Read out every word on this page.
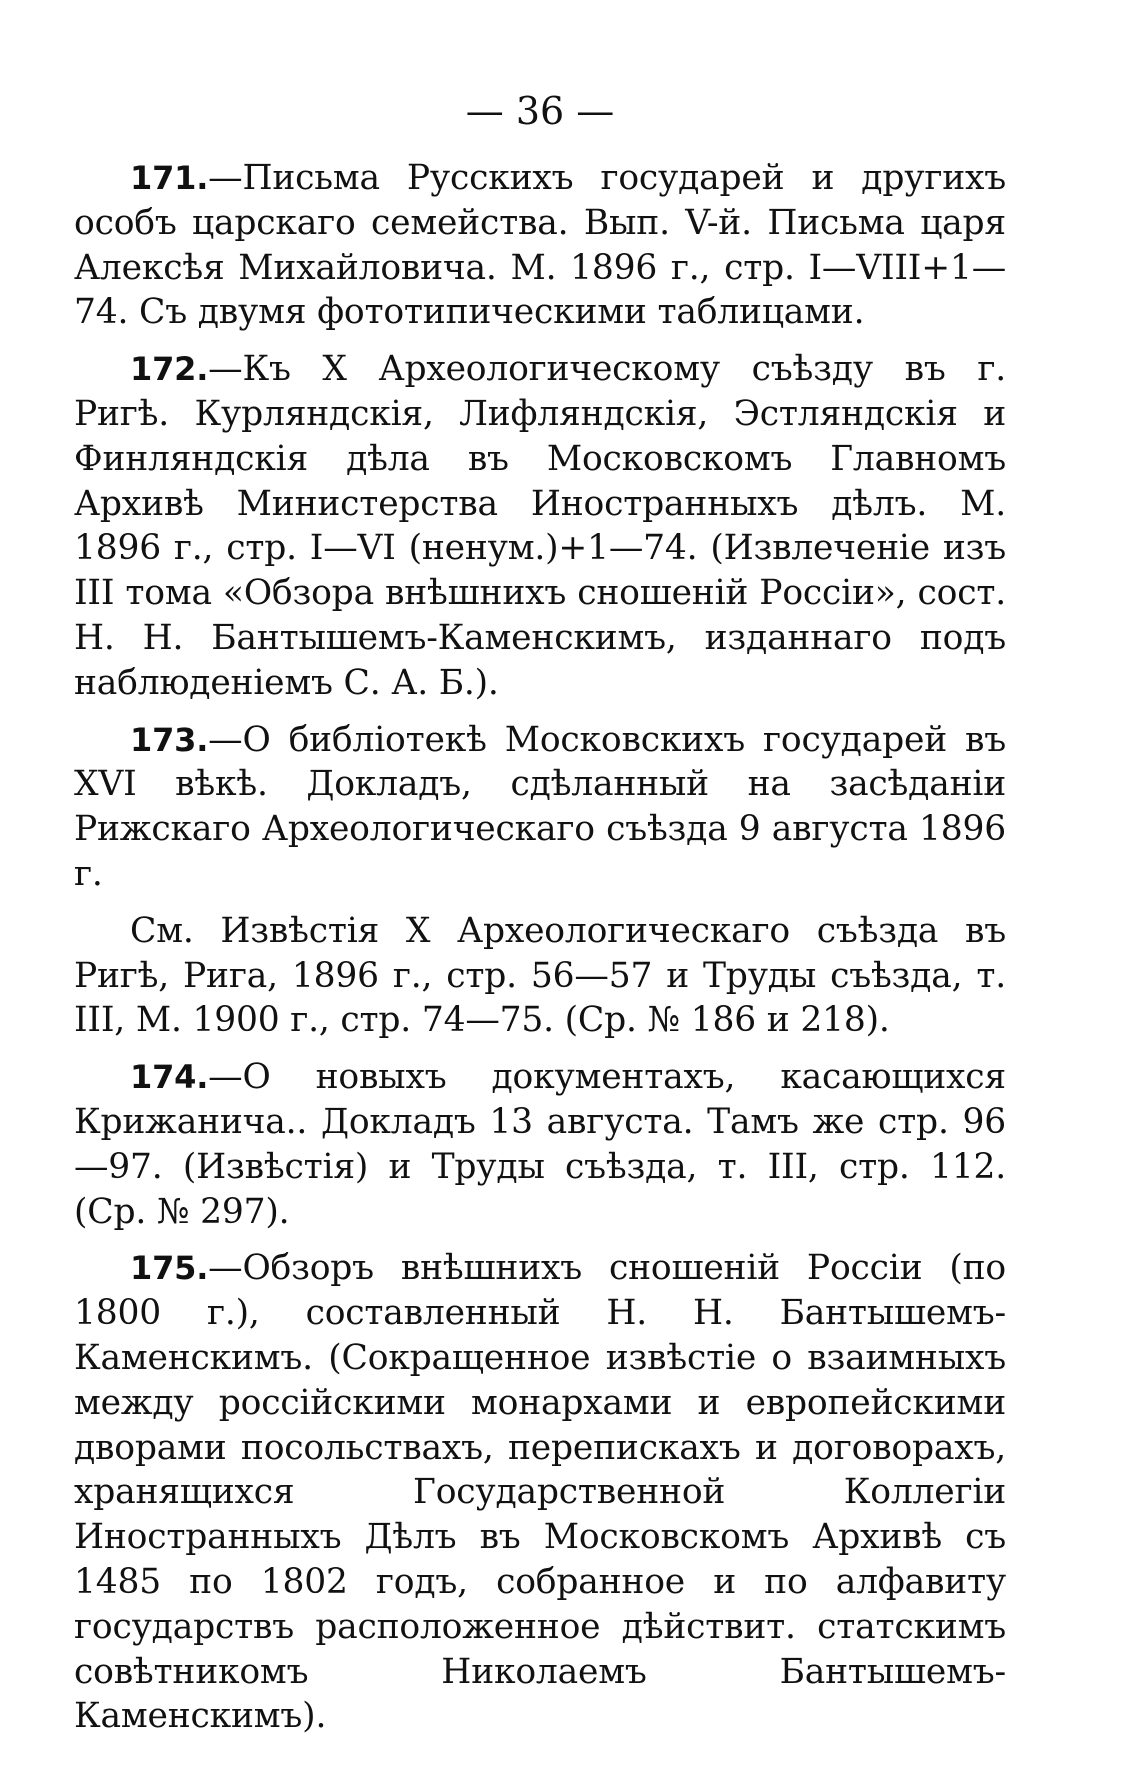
— 36 —

171.—Письма Русскихъ государей и другихъ особъ царскаго семейства. Вып. V-й. Письма царя Алексѣя Михайловича. М. 1896 г., стр. I—VIII+1—74. Съ двумя фототипическими таблицами.

172.—Къ X Археологическому съѣзду въ г. Ригѣ. Курляндскія, Лифляндскія, Эстляндскія и Финляндскія дѣла въ Московскомъ Главномъ Архивѣ Министерства Иностранныхъ дѣлъ. М. 1896 г., стр. I—VI (ненум.)+1—74. (Извлеченіе изъ III тома «Обзора внѣшнихъ сношеній Россіи», сост. Н. Н. Бантышемъ-Каменскимъ, изданнаго подъ наблюденіемъ С. А. Б.).

173.—О библіотекѣ Московскихъ государей въ XVI вѣкѣ. Докладъ, сдѣланный на засѣданіи Рижскаго Археологическаго съѣзда 9 августа 1896 г.

См. Извѣстія X Археологическаго съѣзда въ Ригѣ, Рига, 1896 г., стр. 56—57 и Труды съѣзда, т. III, М. 1900 г., стр. 74—75. (Ср. № 186 и 218).

174.—О новыхъ документахъ, касающихся Крижанича.. Докладъ 13 августа. Тамъ же стр. 96—97. (Извѣстія) и Труды съѣзда, т. III, стр. 112. (Ср. № 297).

175.—Обзоръ внѣшнихъ сношеній Россіи (по 1800 г.), составленный Н. Н. Бантышемъ-Каменскимъ. (Сокращенное извѣстіе о взаимныхъ между россійскими монархами и европейскими дворами посольствахъ, перепискахъ и договорахъ, хранящихся Государственной Коллегіи Иностранныхъ Дѣлъ въ Московскомъ Архивѣ съ 1485 по 1802 годъ, собранное и по алфавиту государствъ расположенное дѣйствит. статскимъ совѣтникомъ Николаемъ Бантышемъ-Каменскимъ).
